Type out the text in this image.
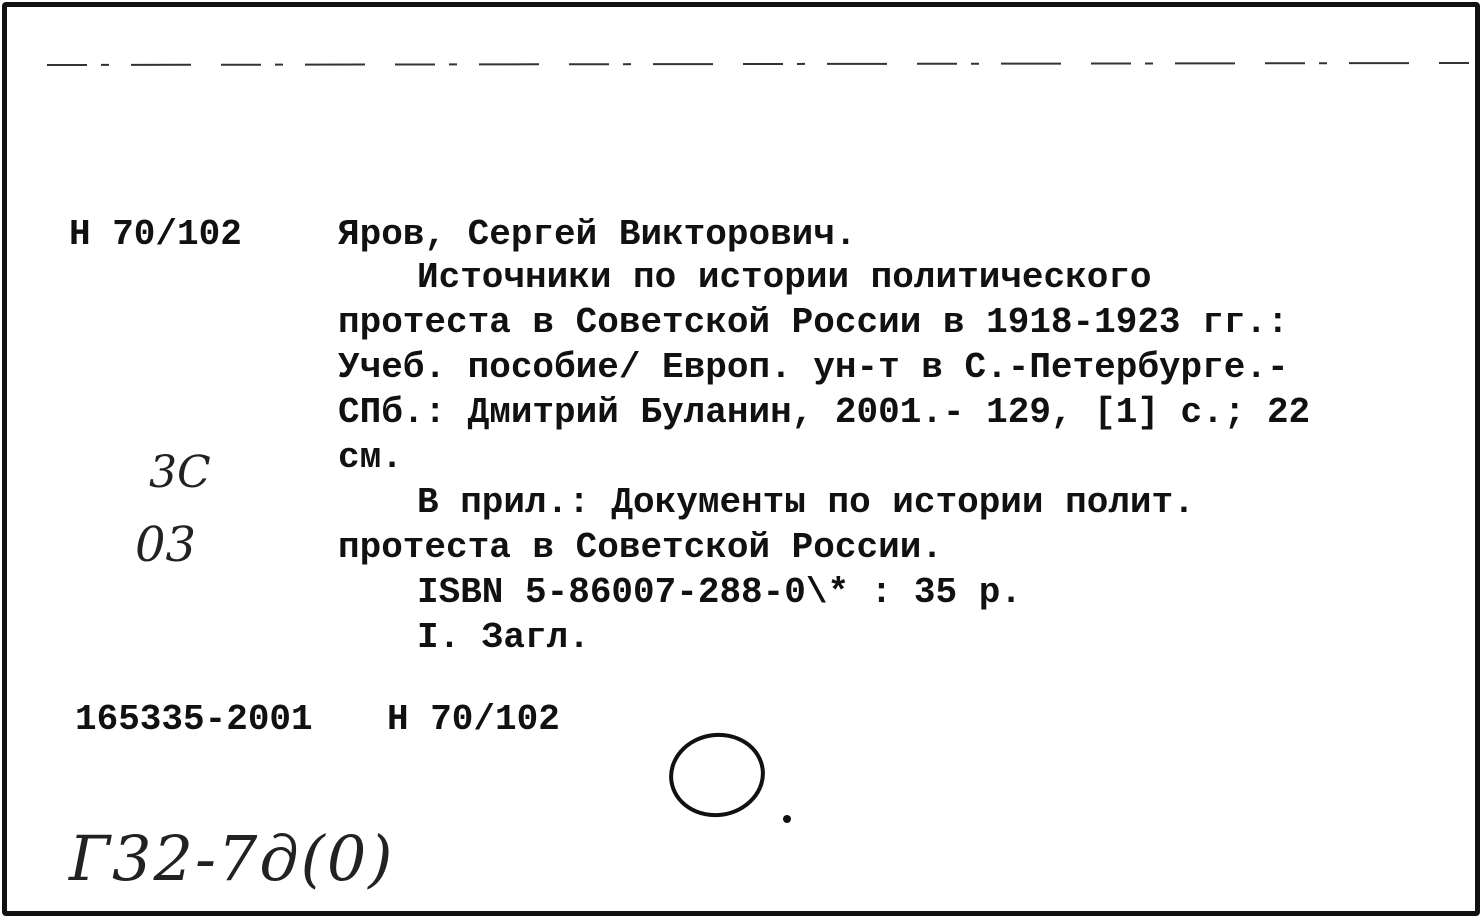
Н 70/102	Яров, Сергей Викторович.
Источники по истории политического
протеста в Советской России в 1918-1923 гг.:
Учеб. пособие/ Европ. ун-т в С.-Петербурге.-
СПб.: Дмитрий Буланин, 2001.- 129, [1] с.; 22
см.
В прил.: Документы по истории полит.
протеста в Советской России.
ISBN 5-86007-288-0\* : 35 р.
I. Загл.
165335-2001 Н 70/102
3С
03
Г32-7д(0)
